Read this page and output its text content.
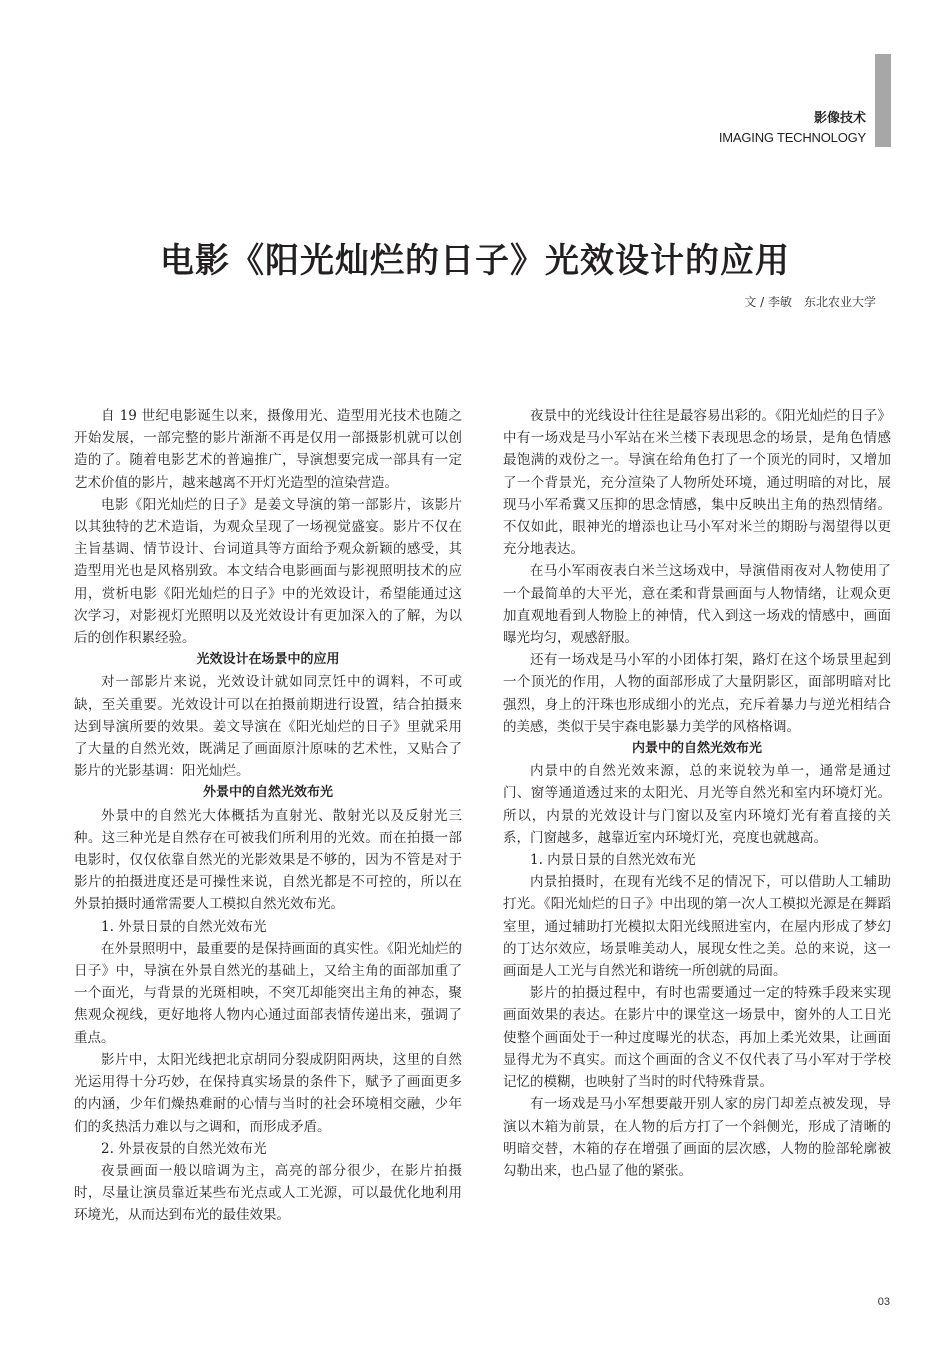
影像技术
IMAGING TECHNOLOGY
电影《阳光灿烂的日子》光效设计的应用
文 / 李敏　东北农业大学

自 19 世纪电影诞生以来，摄像用光、造型用光技术也随之开始发展，一部完整的影片渐渐不再是仅用一部摄影机就可以创造的了。随着电影艺术的普遍推广，导演想要完成一部具有一定艺术价值的影片，越来越离不开灯光造型的渲染营造。

电影《阳光灿烂的日子》是姜文导演的第一部影片，该影片以其独特的艺术造诣，为观众呈现了一场视觉盛宴。影片不仅在主旨基调、情节设计、台词道具等方面给予观众新颖的感受，其造型用光也是风格别致。本文结合电影画面与影视照明技术的应用，赏析电影《阳光灿烂的日子》中的光效设计，希望能通过这次学习，对影视灯光照明以及光效设计有更加深入的了解，为以后的创作积累经验。

光效设计在场景中的应用

对一部影片来说，光效设计就如同烹饪中的调料，不可或缺，至关重要。光效设计可以在拍摄前期进行设置，结合拍摄来达到导演所要的效果。姜文导演在《阳光灿烂的日子》里就采用了大量的自然光效，既满足了画面原汁原味的艺术性，又贴合了影片的光影基调：阳光灿烂。

外景中的自然光效布光

外景中的自然光大体概括为直射光、散射光以及反射光三种。这三种光是自然存在可被我们所利用的光效。而在拍摄一部电影时，仅仅依靠自然光的光影效果是不够的，因为不管是对于影片的拍摄进度还是可操性来说，自然光都是不可控的，所以在外景拍摄时通常需要人工模拟自然光效布光。

1. 外景日景的自然光效布光

在外景照明中，最重要的是保持画面的真实性。《阳光灿烂的日子》中，导演在外景自然光的基础上，又给主角的面部加重了一个面光，与背景的光斑相映，不突兀却能突出主角的神态，聚焦观众视线，更好地将人物内心通过面部表情传递出来，强调了重点。

影片中，太阳光线把北京胡同分裂成阴阳两块，这里的自然光运用得十分巧妙，在保持真实场景的条件下，赋予了画面更多的内涵，少年们燥热难耐的心情与当时的社会环境相交融，少年们的炙热活力难以与之调和，而形成矛盾。

2. 外景夜景的自然光效布光

夜景画面一般以暗调为主，高亮的部分很少，在影片拍摄时，尽量让演员靠近某些布光点或人工光源，可以最优化地利用环境光，从而达到布光的最佳效果。

夜景中的光线设计往往是最容易出彩的。《阳光灿烂的日子》中有一场戏是马小军站在米兰楼下表现思念的场景，是角色情感最饱满的戏份之一。导演在给角色打了一个顶光的同时，又增加了一个背景光，充分渲染了人物所处环境，通过明暗的对比，展现马小军希冀又压抑的思念情感，集中反映出主角的热烈情绪。不仅如此，眼神光的增添也让马小军对米兰的期盼与渴望得以更充分地表达。

在马小军雨夜表白米兰这场戏中，导演借雨夜对人物使用了一个最简单的大平光，意在柔和背景画面与人物情绪，让观众更加直观地看到人物脸上的神情，代入到这一场戏的情感中，画面曝光均匀，观感舒服。

还有一场戏是马小军的小团体打架，路灯在这个场景里起到一个顶光的作用，人物的面部形成了大量阴影区，面部明暗对比强烈，身上的汗珠也形成细小的光点，充斥着暴力与逆光相结合的美感，类似于吴宇森电影暴力美学的风格格调。

内景中的自然光效布光

内景中的自然光效来源，总的来说较为单一，通常是通过门、窗等通道透过来的太阳光、月光等自然光和室内环境灯光。所以，内景的光效设计与门窗以及室内环境灯光有着直接的关系，门窗越多，越靠近室内环境灯光，亮度也就越高。

1. 内景日景的自然光效布光

内景拍摄时，在现有光线不足的情况下，可以借助人工辅助打光。《阳光灿烂的日子》中出现的第一次人工模拟光源是在舞蹈室里，通过辅助打光模拟太阳光线照进室内，在屋内形成了梦幻的丁达尔效应，场景唯美动人，展现女性之美。总的来说，这一画面是人工光与自然光和谐统一所创就的局面。

影片的拍摄过程中，有时也需要通过一定的特殊手段来实现画面效果的表达。在影片中的课堂这一场景中，窗外的人工日光使整个画面处于一种过度曝光的状态，再加上柔光效果，让画面显得尤为不真实。而这个画面的含义不仅代表了马小军对于学校记忆的模糊，也映射了当时的时代特殊背景。

有一场戏是马小军想要敲开别人家的房门却差点被发现，导演以木箱为前景，在人物的后方打了一个斜侧光，形成了清晰的明暗交替，木箱的存在增强了画面的层次感，人物的脸部轮廓被勾勒出来，也凸显了他的紧张。

03
